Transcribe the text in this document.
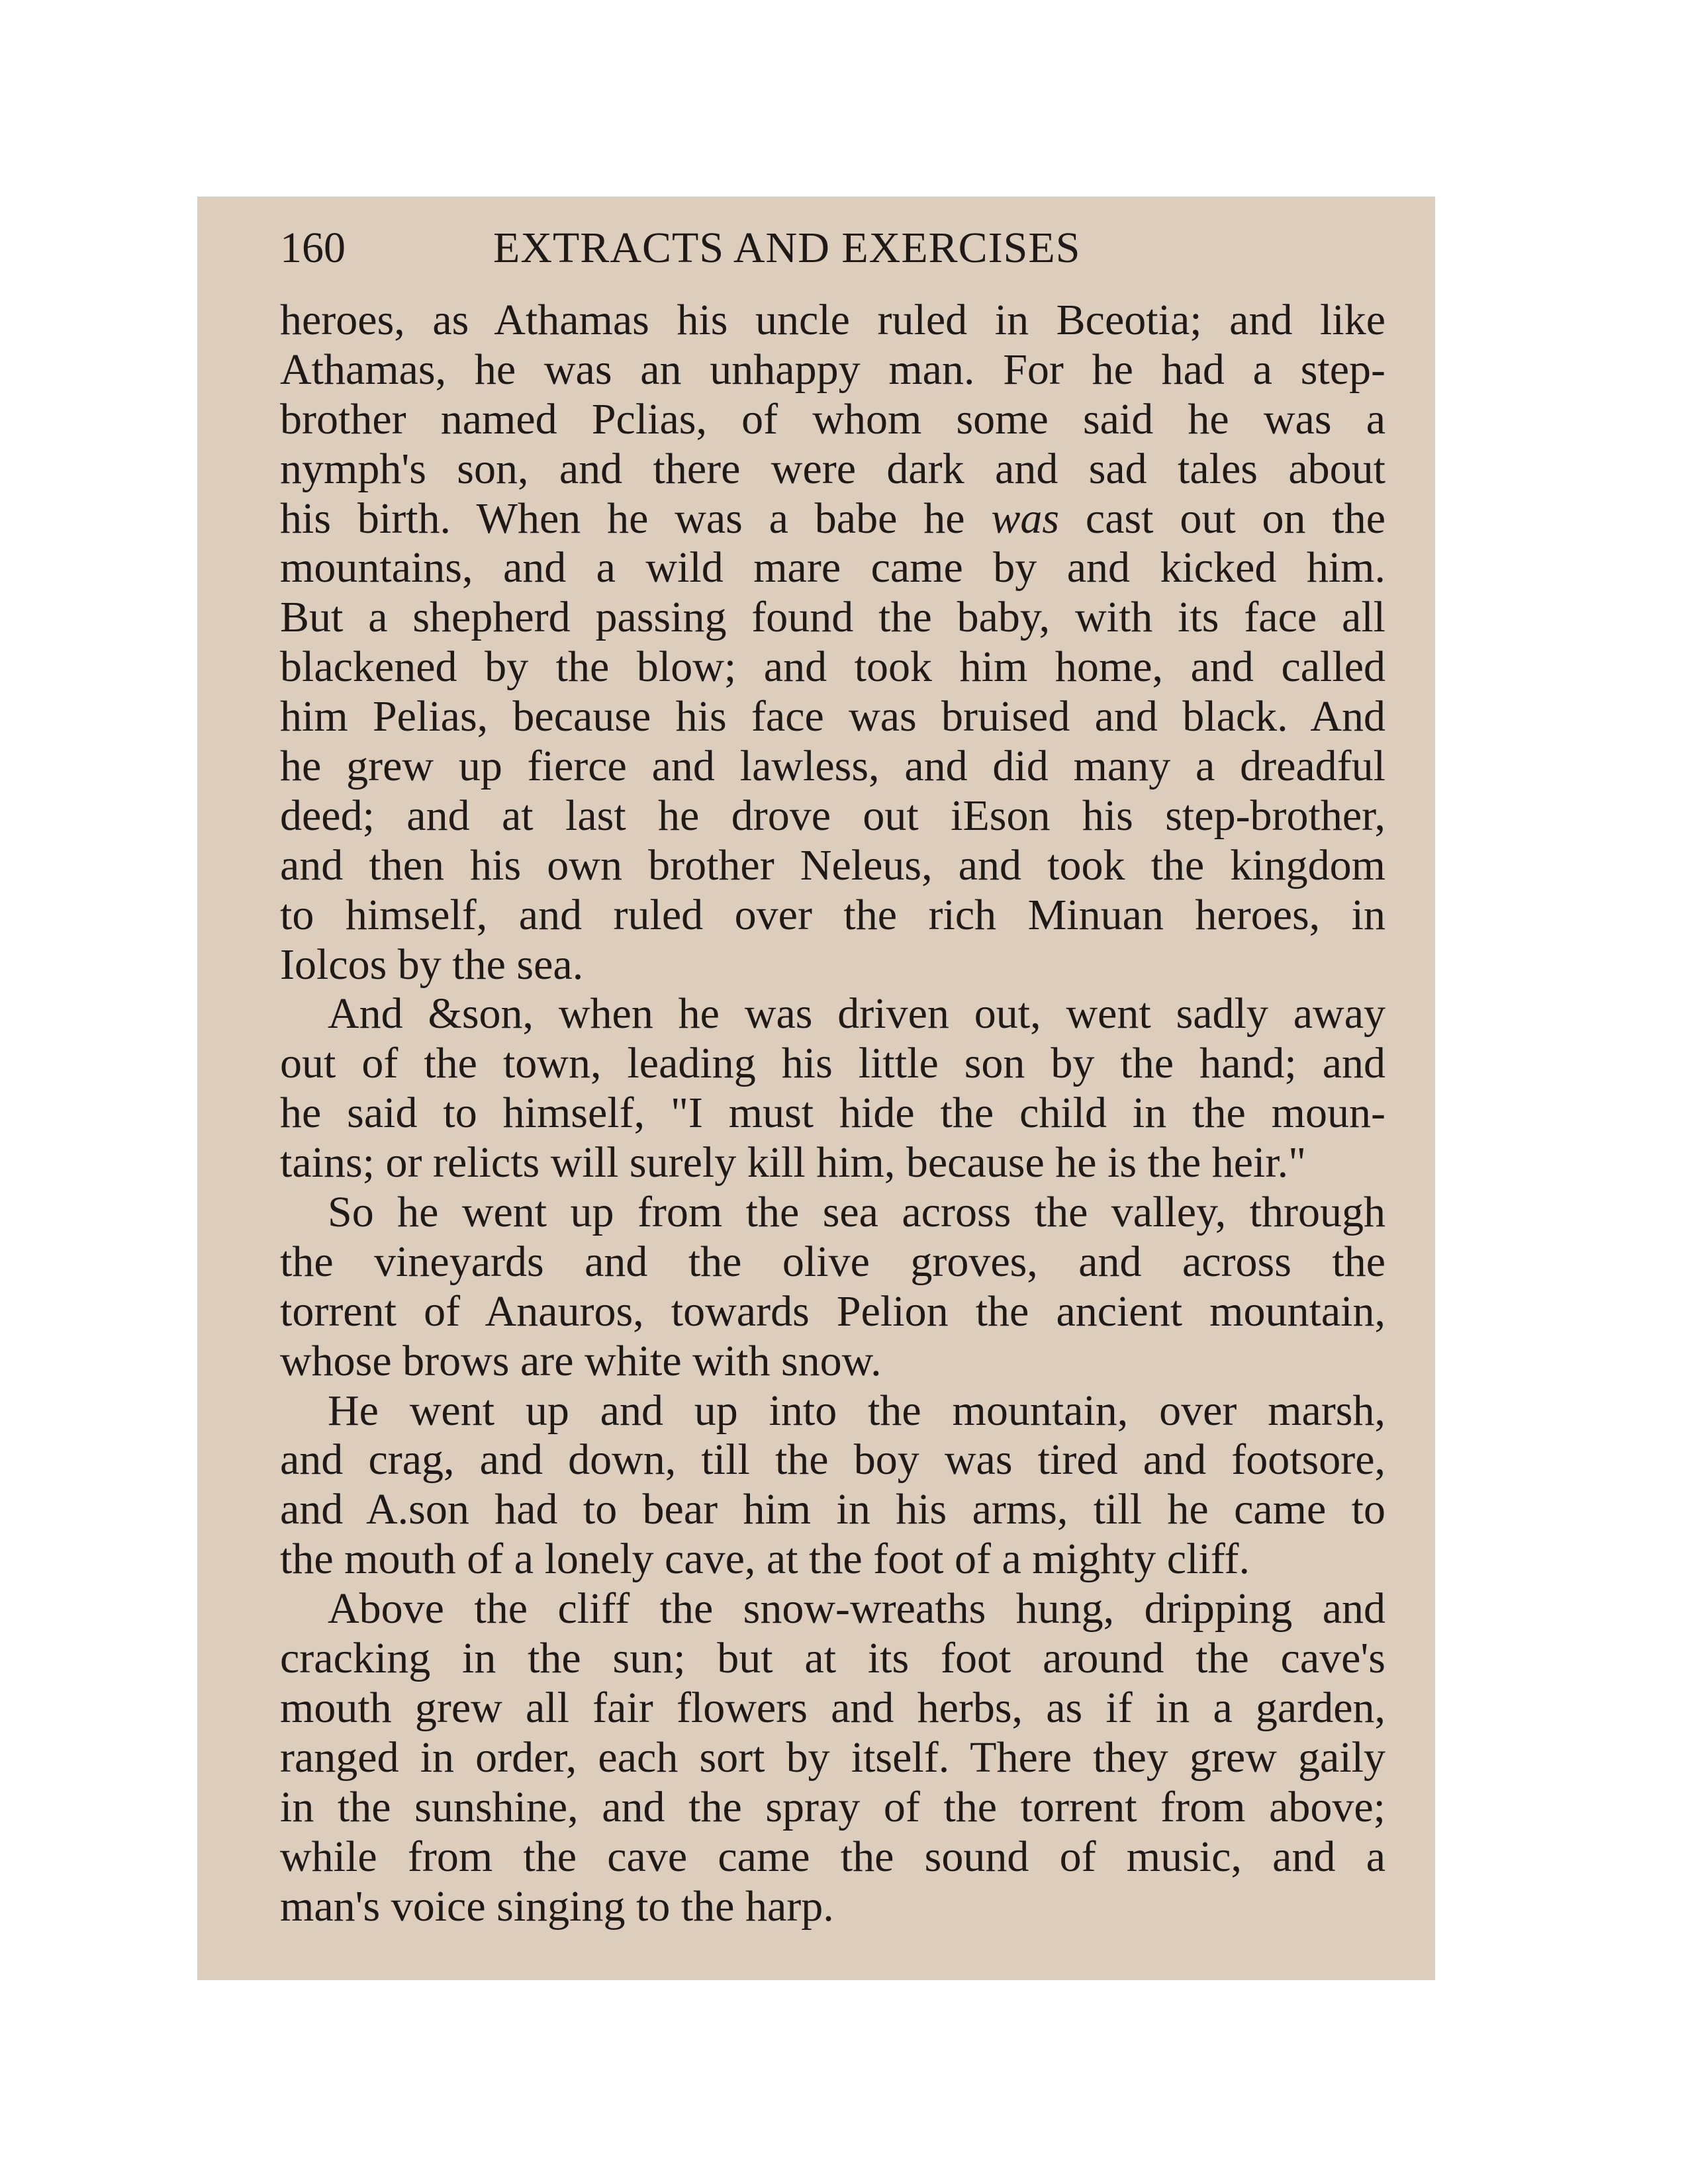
160	EXTRACTS AND EXERCISES
heroes, as Athamas his uncle ruled in Bceotia; and like
Athamas, he was an unhappy man. For he had a step-
brother named Pclias, of whom some said he was a
nymph's son, and there were dark and sad tales about
his birth. When he was a babe he was cast out on the
mountains, and a wild mare came by and kicked him.
But a shepherd passing found the baby, with its face all
blackened by the blow; and took him home, and called
him Pelias, because his face was bruised and black. And
he grew up fierce and lawless, and did many a dreadful
deed; and at last he drove out iEson his step-brother,
and then his own brother Neleus, and took the kingdom
to himself, and ruled over the rich Minuan heroes, in
Iolcos by the sea.
And &son, when he was driven out, went sadly away
out of the town, leading his little son by the hand; and
he said to himself, "I must hide the child in the moun-
tains; or relicts will surely kill him, because he is the heir."
So he went up from the sea across the valley, through
the vineyards and the olive groves, and across the
torrent of Anauros, towards Pelion the ancient mountain,
whose brows are white with snow.
He went up and up into the mountain, over marsh,
and crag, and down, till the boy was tired and footsore,
and A.son had to bear him in his arms, till he came to
the mouth of a lonely cave, at the foot of a mighty cliff.
Above the cliff the snow-wreaths hung, dripping and
cracking in the sun; but at its foot around the cave's
mouth grew all fair flowers and herbs, as if in a garden,
ranged in order, each sort by itself. There they grew gaily
in the sunshine, and the spray of the torrent from above;
while from the cave came the sound of music, and a
man's voice singing to the harp.
